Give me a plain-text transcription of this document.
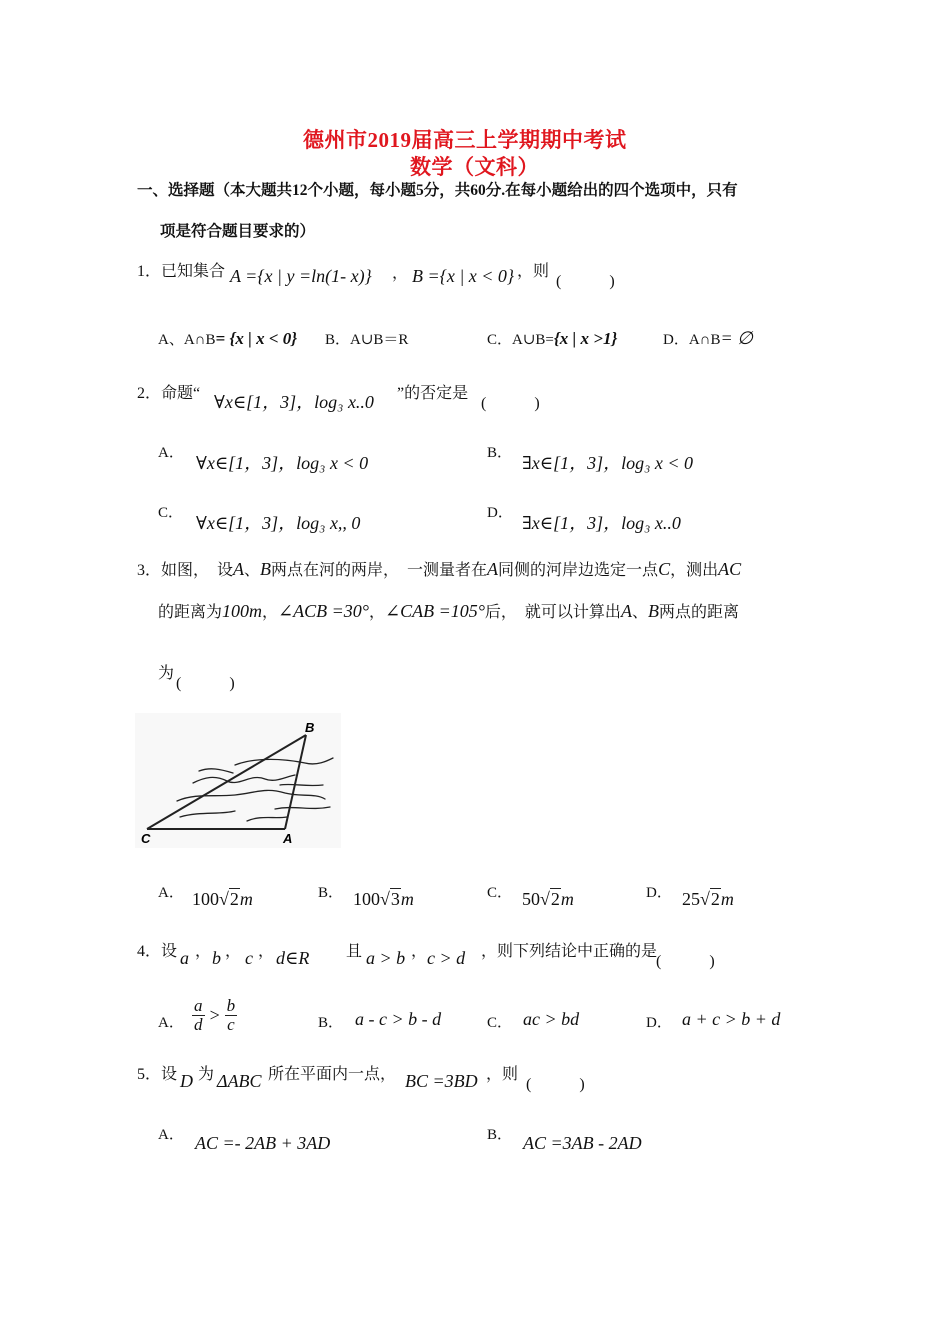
德州市2019届高三上学期期中考试
数学（文科）
一、选择题（本大题共12个小题，每小题5分，共60分.在每小题给出的四个选项中，只有
项是符合题目要求的）
1．已知集合 A ={x | y =ln(1- x)} ， B ={x | x < 0} ，则
(　　　)
A、A∩B= {x | x < 0} B．A∪B＝R	C．A∪B={x | x >1}	D．A∩B= ∅
2．命题“ ∀x∈[1，3]，log₃ x..0 ”的否定是
(　　　)
A． ∀x∈[1，3]，log₃ x < 0	B． ∃x∈[1，3]，log₃ x < 0
C． ∀x∈[1，3]，log₃ x,, 0	D． ∃x∈[1，3]，log₃ x..0
3．如图，　设A、B两点在河的两岸，　一测量者在A同侧的河岸边选定一点C，测出AC
的距离为100m，∠ACB =30°，∠CAB =105°后，　就可以计算出A、B两点的距离
为
(　　　)
B
C	A
A． 100√2m	B． 100√3m	C． 50√2m	D． 25√2m
4．设 a ， b ， c ， d∈R 且 a > b ， c > d ，则下列结论中正确的是
(　　　)
A． $\frac{a}{d} > \frac{b}{c}$	B． a - c > b - d	C． ac > bd	D． a + c > b + d
5．设 D 为 ΔABC 所在平面内一点， BC =3BD ，则
(　　　)
A． AC =- 2AB + 3AD	B． AC =3AB - 2AD
